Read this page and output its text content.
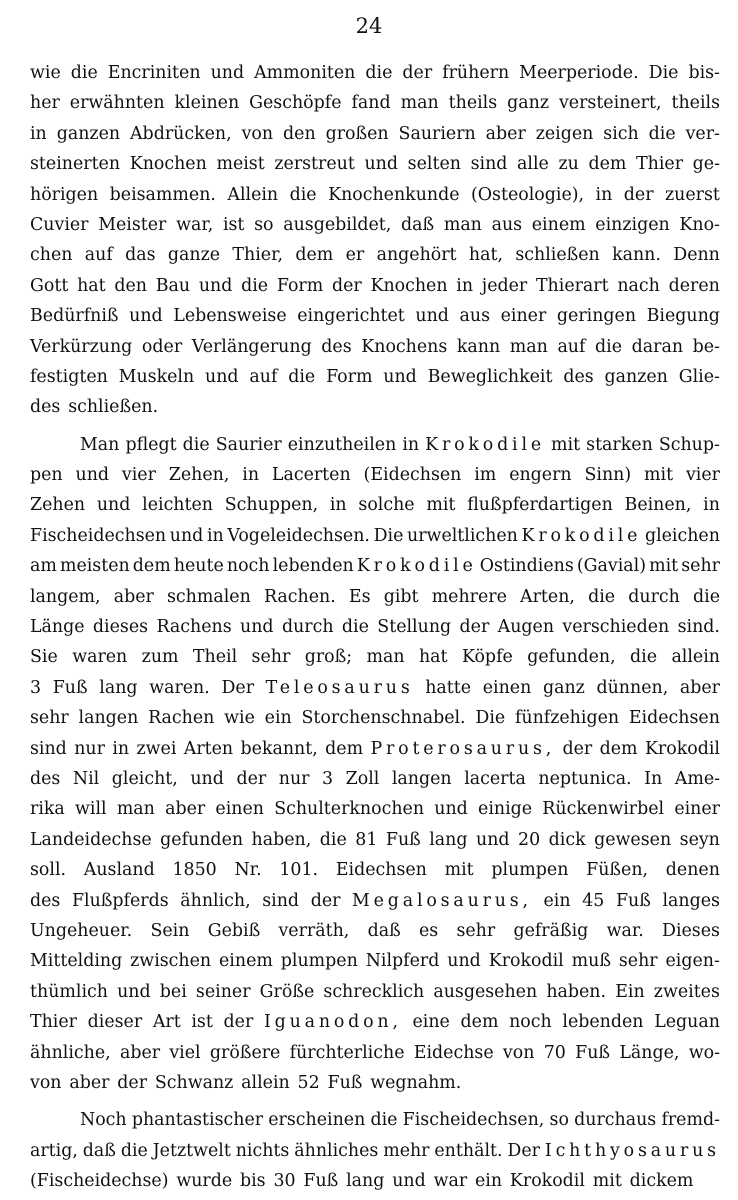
24
wie die Encriniten und Ammoniten die der frühern Meerperiode. Die bis-
her erwähnten kleinen Geschöpfe fand man theils ganz versteinert, theils
in ganzen Abdrücken, von den großen Sauriern aber zeigen sich die ver-
steinerten Knochen meist zerstreut und selten sind alle zu dem Thier ge-
hörigen beisammen. Allein die Knochenkunde (Osteologie), in der zuerst
Cuvier Meister war, ist so ausgebildet, daß man aus einem einzigen Kno-
chen auf das ganze Thier, dem er angehört hat, schließen kann. Denn
Gott hat den Bau und die Form der Knochen in jeder Thierart nach deren
Bedürfniß und Lebensweise eingerichtet und aus einer geringen Biegung
Verkürzung oder Verlängerung des Knochens kann man auf die daran be-
festigten Muskeln und auf die Form und Beweglichkeit des ganzen Glie-
des schließen.
Man pflegt die Saurier einzutheilen in Krokodile mit starken Schup-
pen und vier Zehen, in Lacerten (Eidechsen im engern Sinn) mit vier
Zehen und leichten Schuppen, in solche mit flußpferdartigen Beinen, in
Fischeidechsen und in Vogeleidechsen. Die urweltlichen Krokodile gleichen
am meisten dem heute noch lebenden Krokodile Ostindiens (Gavial) mit sehr
langem, aber schmalen Rachen. Es gibt mehrere Arten, die durch die
Länge dieses Rachens und durch die Stellung der Augen verschieden sind.
Sie waren zum Theil sehr groß; man hat Köpfe gefunden, die allein
3 Fuß lang waren. Der Teleosaurus hatte einen ganz dünnen, aber
sehr langen Rachen wie ein Storchenschnabel. Die fünfzehigen Eidechsen
sind nur in zwei Arten bekannt, dem Proterosaurus, der dem Krokodil
des Nil gleicht, und der nur 3 Zoll langen lacerta neptunica. In Ame-
rika will man aber einen Schulterknochen und einige Rückenwirbel einer
Landeidechse gefunden haben, die 81 Fuß lang und 20 dick gewesen seyn
soll. Ausland 1850 Nr. 101. Eidechsen mit plumpen Füßen, denen
des Flußpferds ähnlich, sind der Megalosaurus, ein 45 Fuß langes
Ungeheuer. Sein Gebiß verräth, daß es sehr gefräßig war. Dieses
Mittelding zwischen einem plumpen Nilpferd und Krokodil muß sehr eigen-
thümlich und bei seiner Größe schrecklich ausgesehen haben. Ein zweites
Thier dieser Art ist der Iguanodon, eine dem noch lebenden Leguan
ähnliche, aber viel größere fürchterliche Eidechse von 70 Fuß Länge, wo-
von aber der Schwanz allein 52 Fuß wegnahm.
Noch phantastischer erscheinen die Fischeidechsen, so durchaus fremd-
artig, daß die Jetztwelt nichts ähnliches mehr enthält. Der Ichthyosaurus
(Fischeidechse) wurde bis 30 Fuß lang und war ein Krokodil mit dickem
